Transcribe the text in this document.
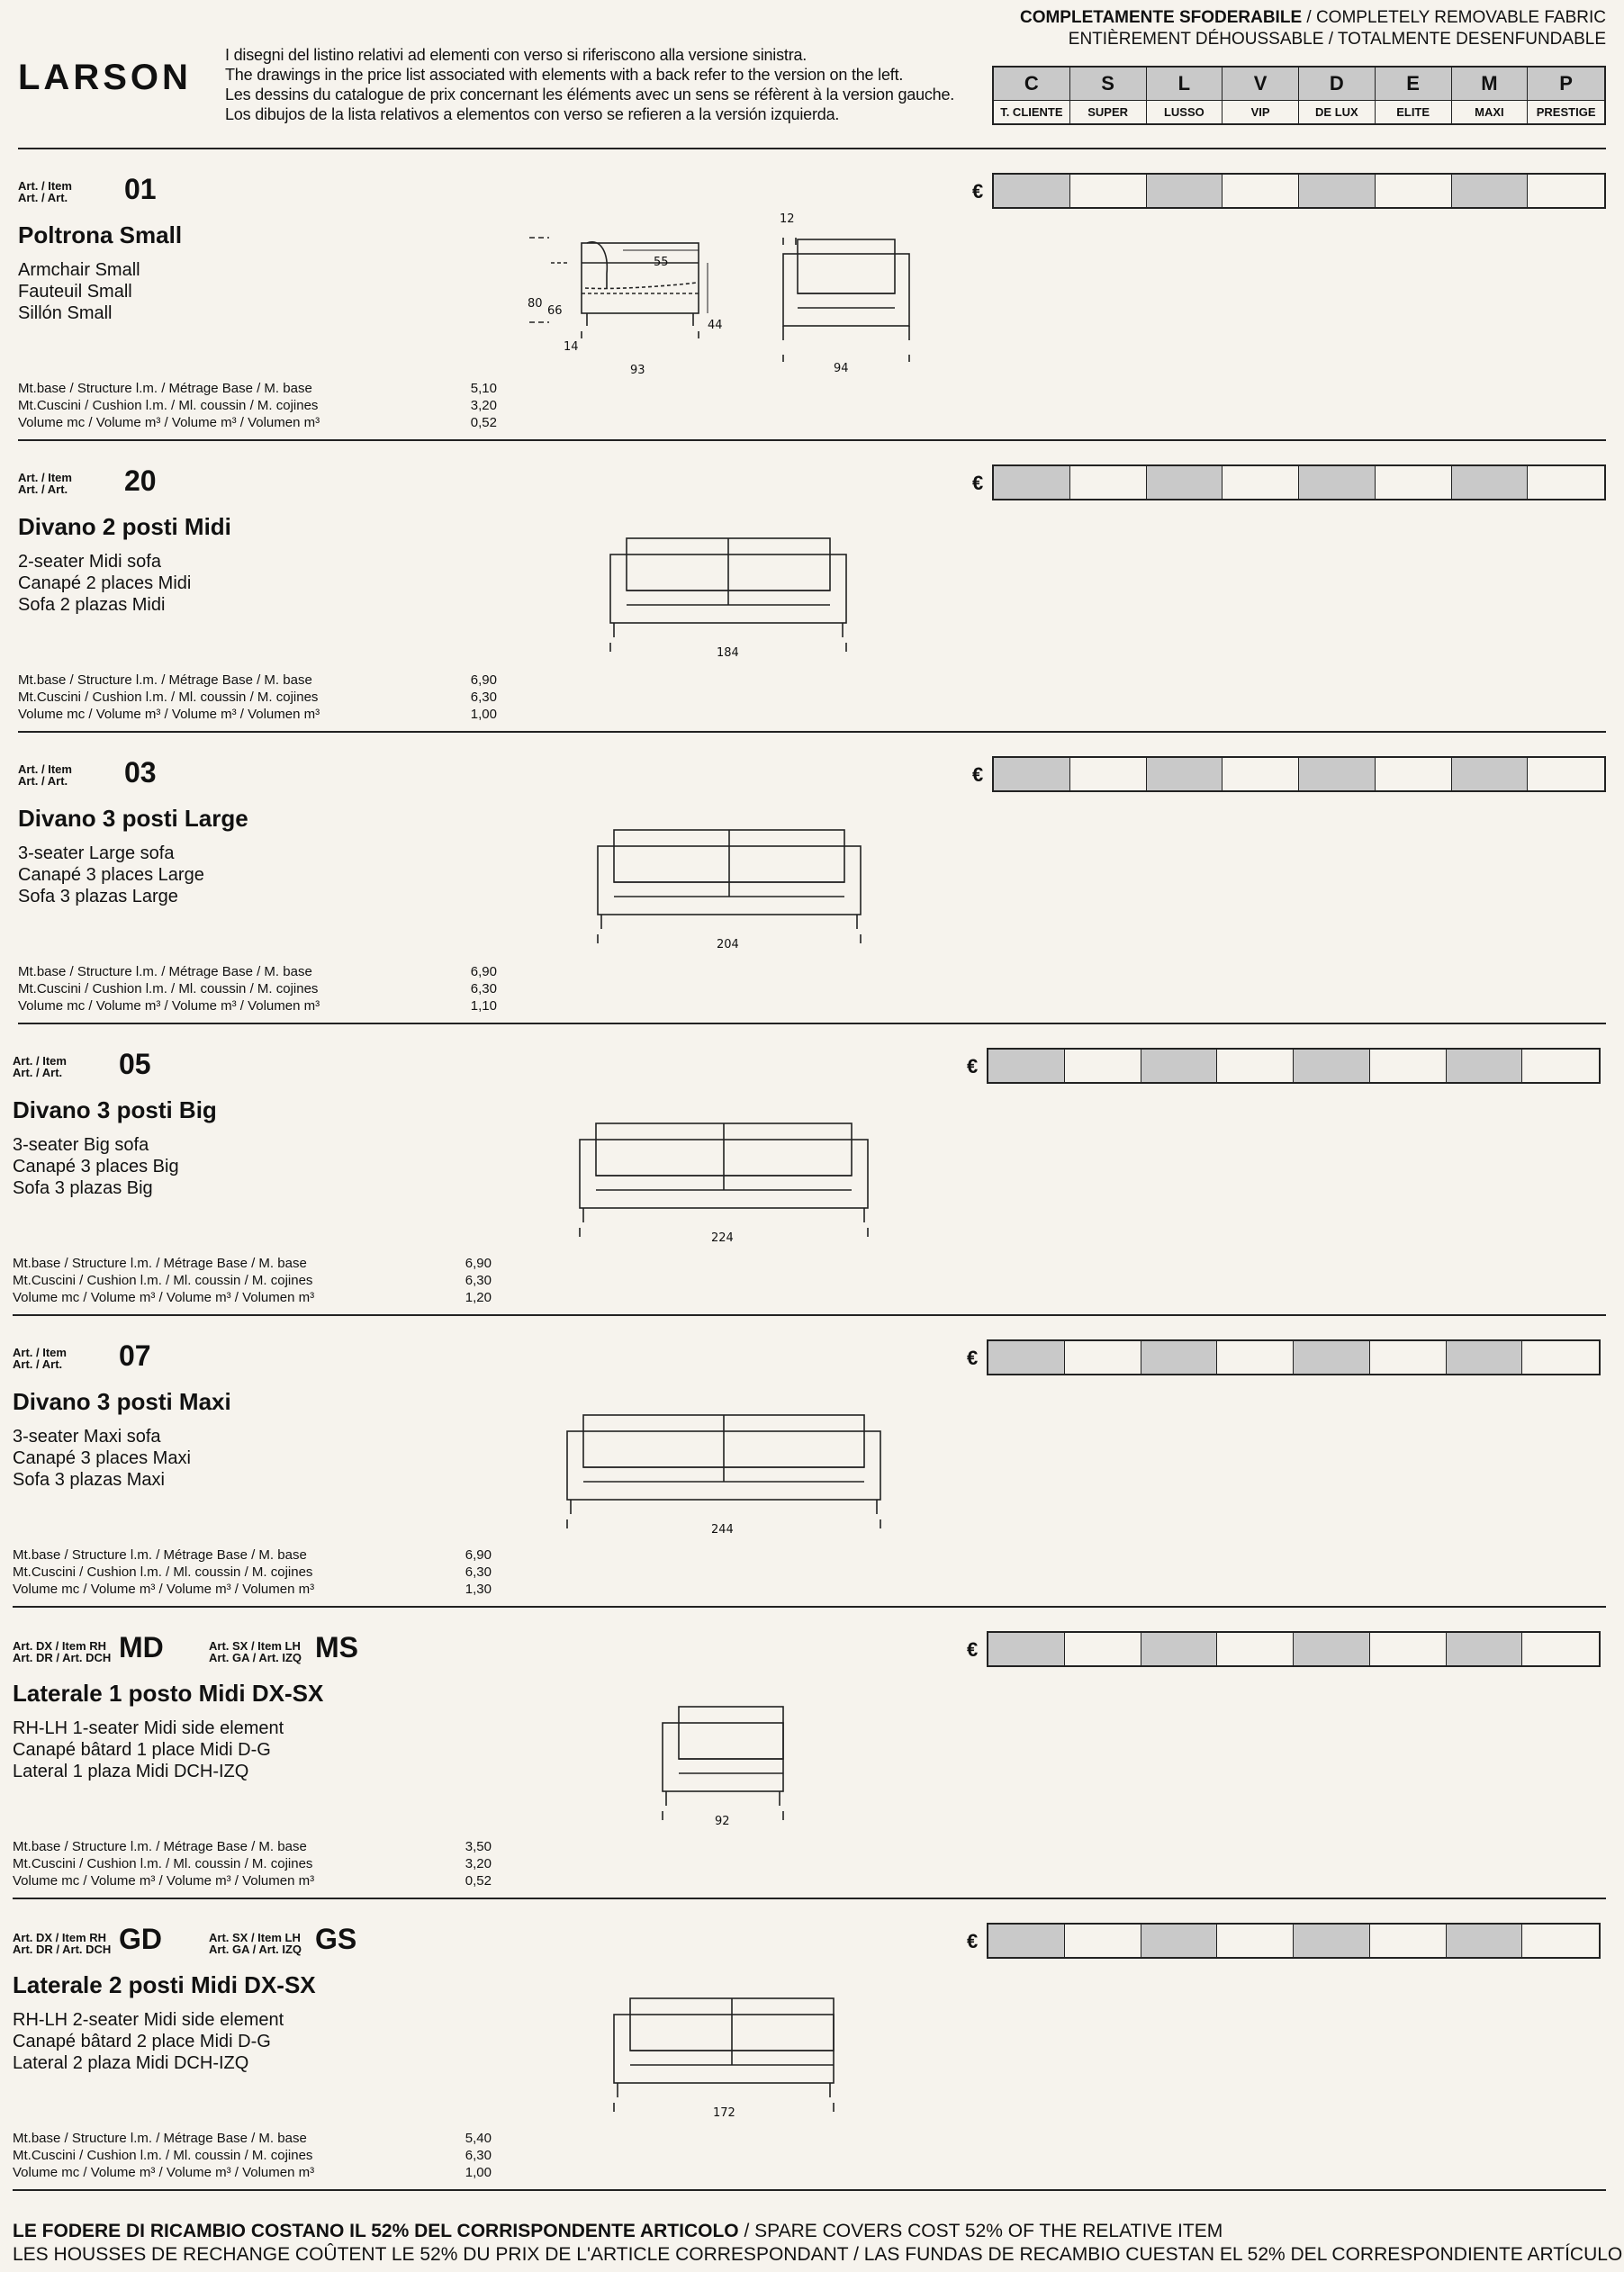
LARSON
I disegni del listino relativi ad elementi con verso si riferiscono alla versione sinistra.
The drawings in the price list associated with elements with a back refer to the version on the left.
Les dessins du catalogue de prix concernant les éléments avec un sens se réfèrent à la version gauche.
Los dibujos de la lista relativos a elementos con verso se refieren a la versión izquierda.
COMPLETAMENTE SFODERABILE / COMPLETELY REMOVABLE FABRIC
ENTIÈREMENT DÉHOUSSABLE / TOTALMENTE DESENFUNDABLE
C
T. CLIENTE
S
SUPER
L
LUSSO
V
VIP
D
DE LUX
E
ELITE
M
MAXI
P
PRESTIGE
Art. / Item
Art. / Art. 01
Poltrona Small
Armchair Small
Fauteuil Small
Sillón Small
Mt.base / Structure l.m. / Métrage Base / M. base
Mt.Cuscini / Cushion l.m. / Ml. coussin / M. cojines
Volume mc / Volume m³ / Volume m³ / Volumen m³
5,10
3,20
0,52
€
55
80
66
44
14
93
12
94
Art. / Item
Art. / Art. 20
Divano 2 posti Midi
2-seater Midi sofa
Canapé 2 places Midi
Sofa 2 plazas Midi
Mt.base / Structure l.m. / Métrage Base / M. base
Mt.Cuscini / Cushion l.m. / Ml. coussin / M. cojines
Volume mc / Volume m³ / Volume m³ / Volumen m³
6,90
6,30
1,00
€
184
Art. / Item
Art. / Art. 03
Divano 3 posti Large
3-seater Large sofa
Canapé 3 places Large
Sofa 3 plazas Large
Mt.base / Structure l.m. / Métrage Base / M. base
Mt.Cuscini / Cushion l.m. / Ml. coussin / M. cojines
Volume mc / Volume m³ / Volume m³ / Volumen m³
6,90
6,30
1,10
€
204
Art. / Item
Art. / Art. 05
Divano 3 posti Big
3-seater Big sofa
Canapé 3 places Big
Sofa 3 plazas Big
Mt.base / Structure l.m. / Métrage Base / M. base
Mt.Cuscini / Cushion l.m. / Ml. coussin / M. cojines
Volume mc / Volume m³ / Volume m³ / Volumen m³
6,90
6,30
1,20
€
224
Art. / Item
Art. / Art. 07
Divano 3 posti Maxi
3-seater Maxi sofa
Canapé 3 places Maxi
Sofa 3 plazas Maxi
Mt.base / Structure l.m. / Métrage Base / M. base
Mt.Cuscini / Cushion l.m. / Ml. coussin / M. cojines
Volume mc / Volume m³ / Volume m³ / Volumen m³
6,90
6,30
1,30
€
244
Art. DX / Item RH
Art. DR / Art. DCH MD	Art. SX / Item LH
Art. GA / Art. IZQ MS
Laterale 1 posto Midi DX-SX
RH-LH 1-seater Midi side element
Canapé bâtard 1 place Midi D-G
Lateral 1 plaza Midi DCH-IZQ
Mt.base / Structure l.m. / Métrage Base / M. base
Mt.Cuscini / Cushion l.m. / Ml. coussin / M. cojines
Volume mc / Volume m³ / Volume m³ / Volumen m³
3,50
3,20
0,52
€
92
Art. DX / Item RH
Art. DR / Art. DCH GD	Art. SX / Item LH
Art. GA / Art. IZQ GS
Laterale 2 posti Midi DX-SX
RH-LH 2-seater Midi side element
Canapé bâtard 2 place Midi D-G
Lateral 2 plaza Midi DCH-IZQ
Mt.base / Structure l.m. / Métrage Base / M. base
Mt.Cuscini / Cushion l.m. / Ml. coussin / M. cojines
Volume mc / Volume m³ / Volume m³ / Volumen m³
5,40
6,30
1,00
€
172
LE FODERE DI RICAMBIO COSTANO IL 52% DEL CORRISPONDENTE ARTICOLO / SPARE COVERS COST 52% OF THE RELATIVE ITEM
LES HOUSSES DE RECHANGE COÛTENT LE 52% DU PRIX DE L'ARTICLE CORRESPONDANT / LAS FUNDAS DE RECAMBIO CUESTAN EL 52% DEL CORRESPONDIENTE ARTÍCULO
